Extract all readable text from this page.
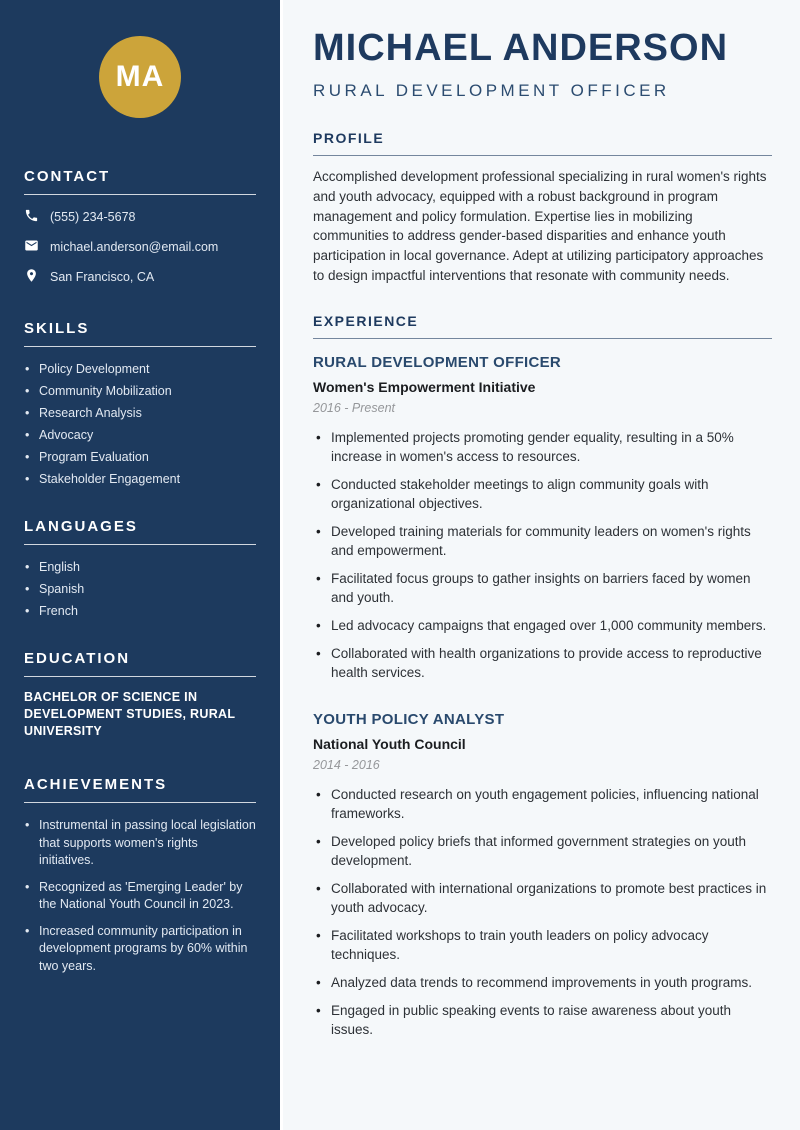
MA
CONTACT
(555) 234-5678
michael.anderson@email.com
San Francisco, CA
SKILLS
• Policy Development
• Community Mobilization
• Research Analysis
• Advocacy
• Program Evaluation
• Stakeholder Engagement
LANGUAGES
• English
• Spanish
• French
EDUCATION
BACHELOR OF SCIENCE IN DEVELOPMENT STUDIES, RURAL UNIVERSITY
ACHIEVEMENTS
• Instrumental in passing local legislation that supports women's rights initiatives.
• Recognized as 'Emerging Leader' by the National Youth Council in 2023.
• Increased community participation in development programs by 60% within two years.
MICHAEL ANDERSON
RURAL DEVELOPMENT OFFICER
PROFILE

Accomplished development professional specializing in rural women's rights and youth advocacy, equipped with a robust background in program management and policy formulation. Expertise lies in mobilizing communities to address gender-based disparities and enhance youth participation in local governance. Adept at utilizing participatory approaches to design impactful interventions that resonate with community needs.

EXPERIENCE
RURAL DEVELOPMENT OFFICER
Women's Empowerment Initiative
2016 - Present
• Implemented projects promoting gender equality, resulting in a 50% increase in women's access to resources.
• Conducted stakeholder meetings to align community goals with organizational objectives.
• Developed training materials for community leaders on women's rights and empowerment.
• Facilitated focus groups to gather insights on barriers faced by women and youth.
• Led advocacy campaigns that engaged over 1,000 community members.
• Collaborated with health organizations to provide access to reproductive health services.
YOUTH POLICY ANALYST
National Youth Council
2014 - 2016
• Conducted research on youth engagement policies, influencing national frameworks.
• Developed policy briefs that informed government strategies on youth development.
• Collaborated with international organizations to promote best practices in youth advocacy.
• Facilitated workshops to train youth leaders on policy advocacy techniques.
• Analyzed data trends to recommend improvements in youth programs.
• Engaged in public speaking events to raise awareness about youth issues.
